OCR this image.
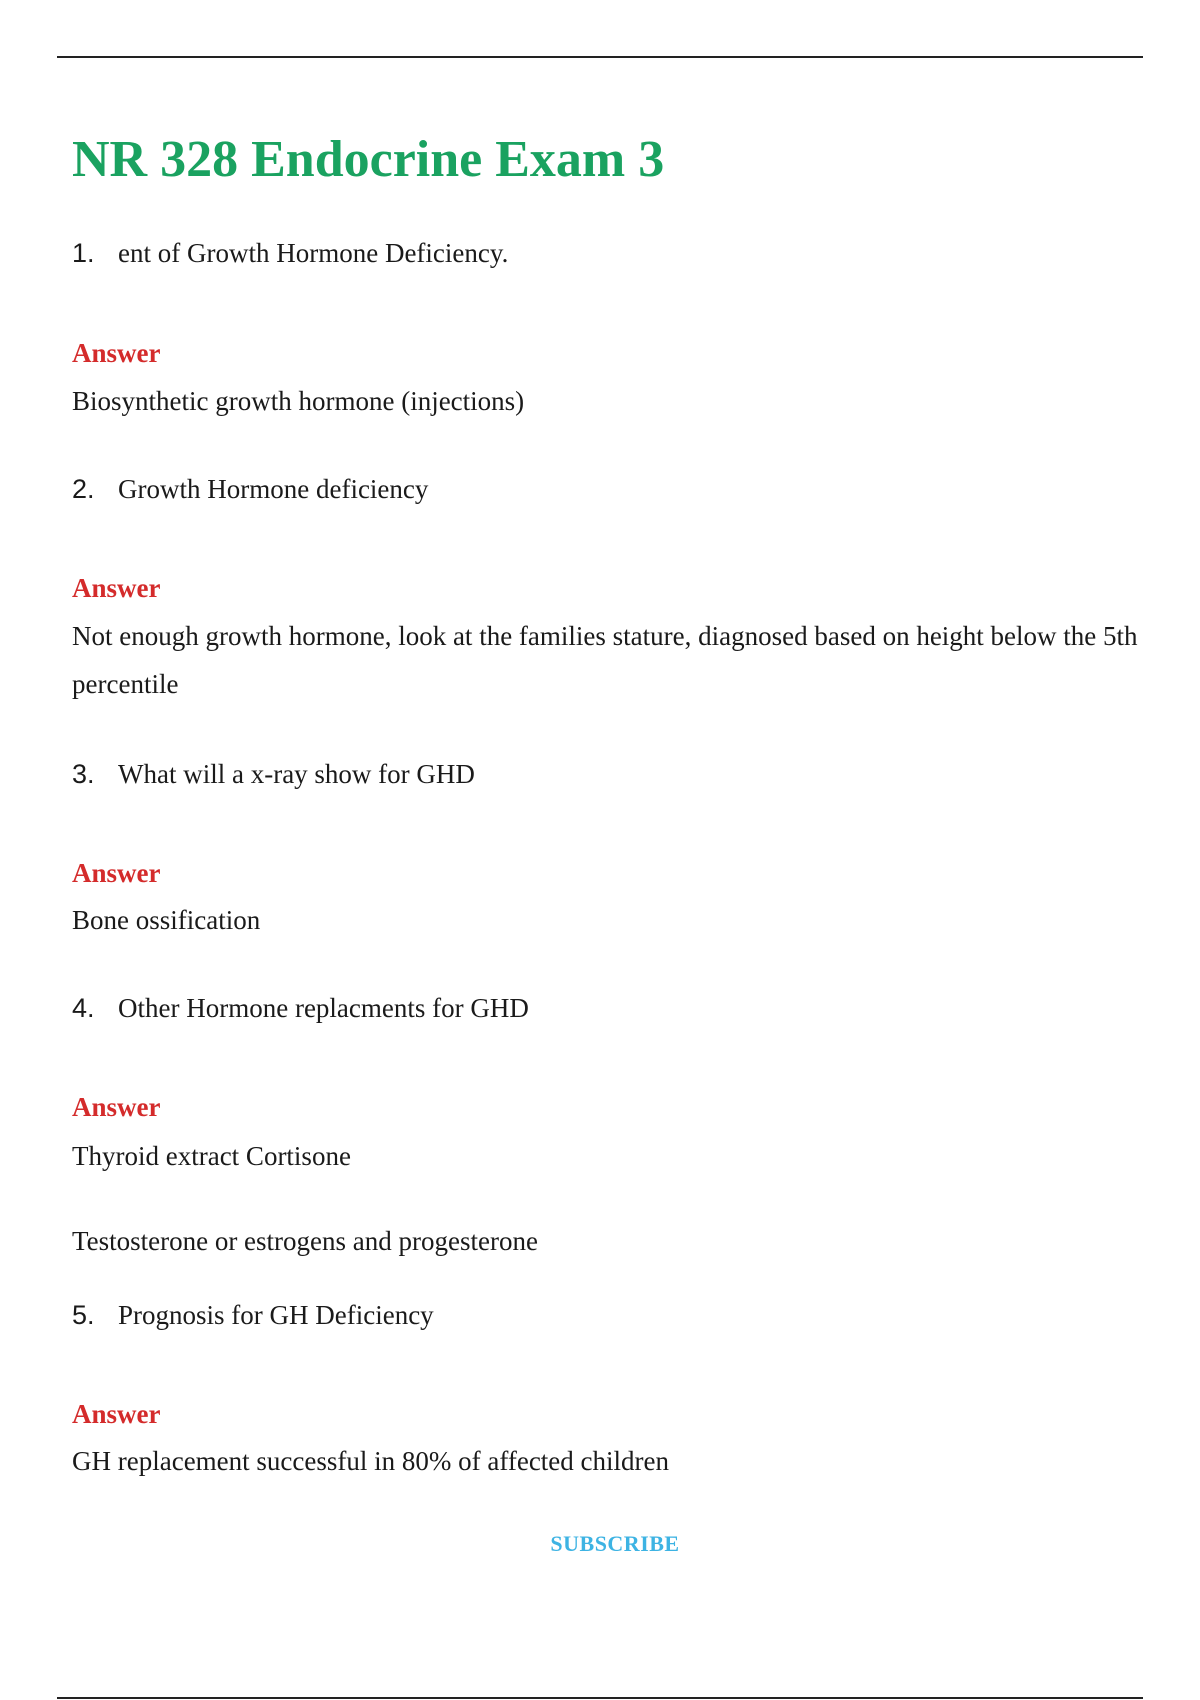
NR 328 Endocrine Exam 3
1. ent of Growth Hormone Deficiency.
Answer
Biosynthetic growth hormone (injections)
2. Growth Hormone deficiency
Answer
Not enough growth hormone, look at the families stature, diagnosed based on height below the 5th percentile
3. What will a x-ray show for GHD
Answer
Bone ossification
4. Other Hormone replacments for GHD
Answer
Thyroid extract Cortisone
Testosterone or estrogens and progesterone
5. Prognosis for GH Deficiency
Answer
GH replacement successful in 80% of affected children
SUBSCRIBE
